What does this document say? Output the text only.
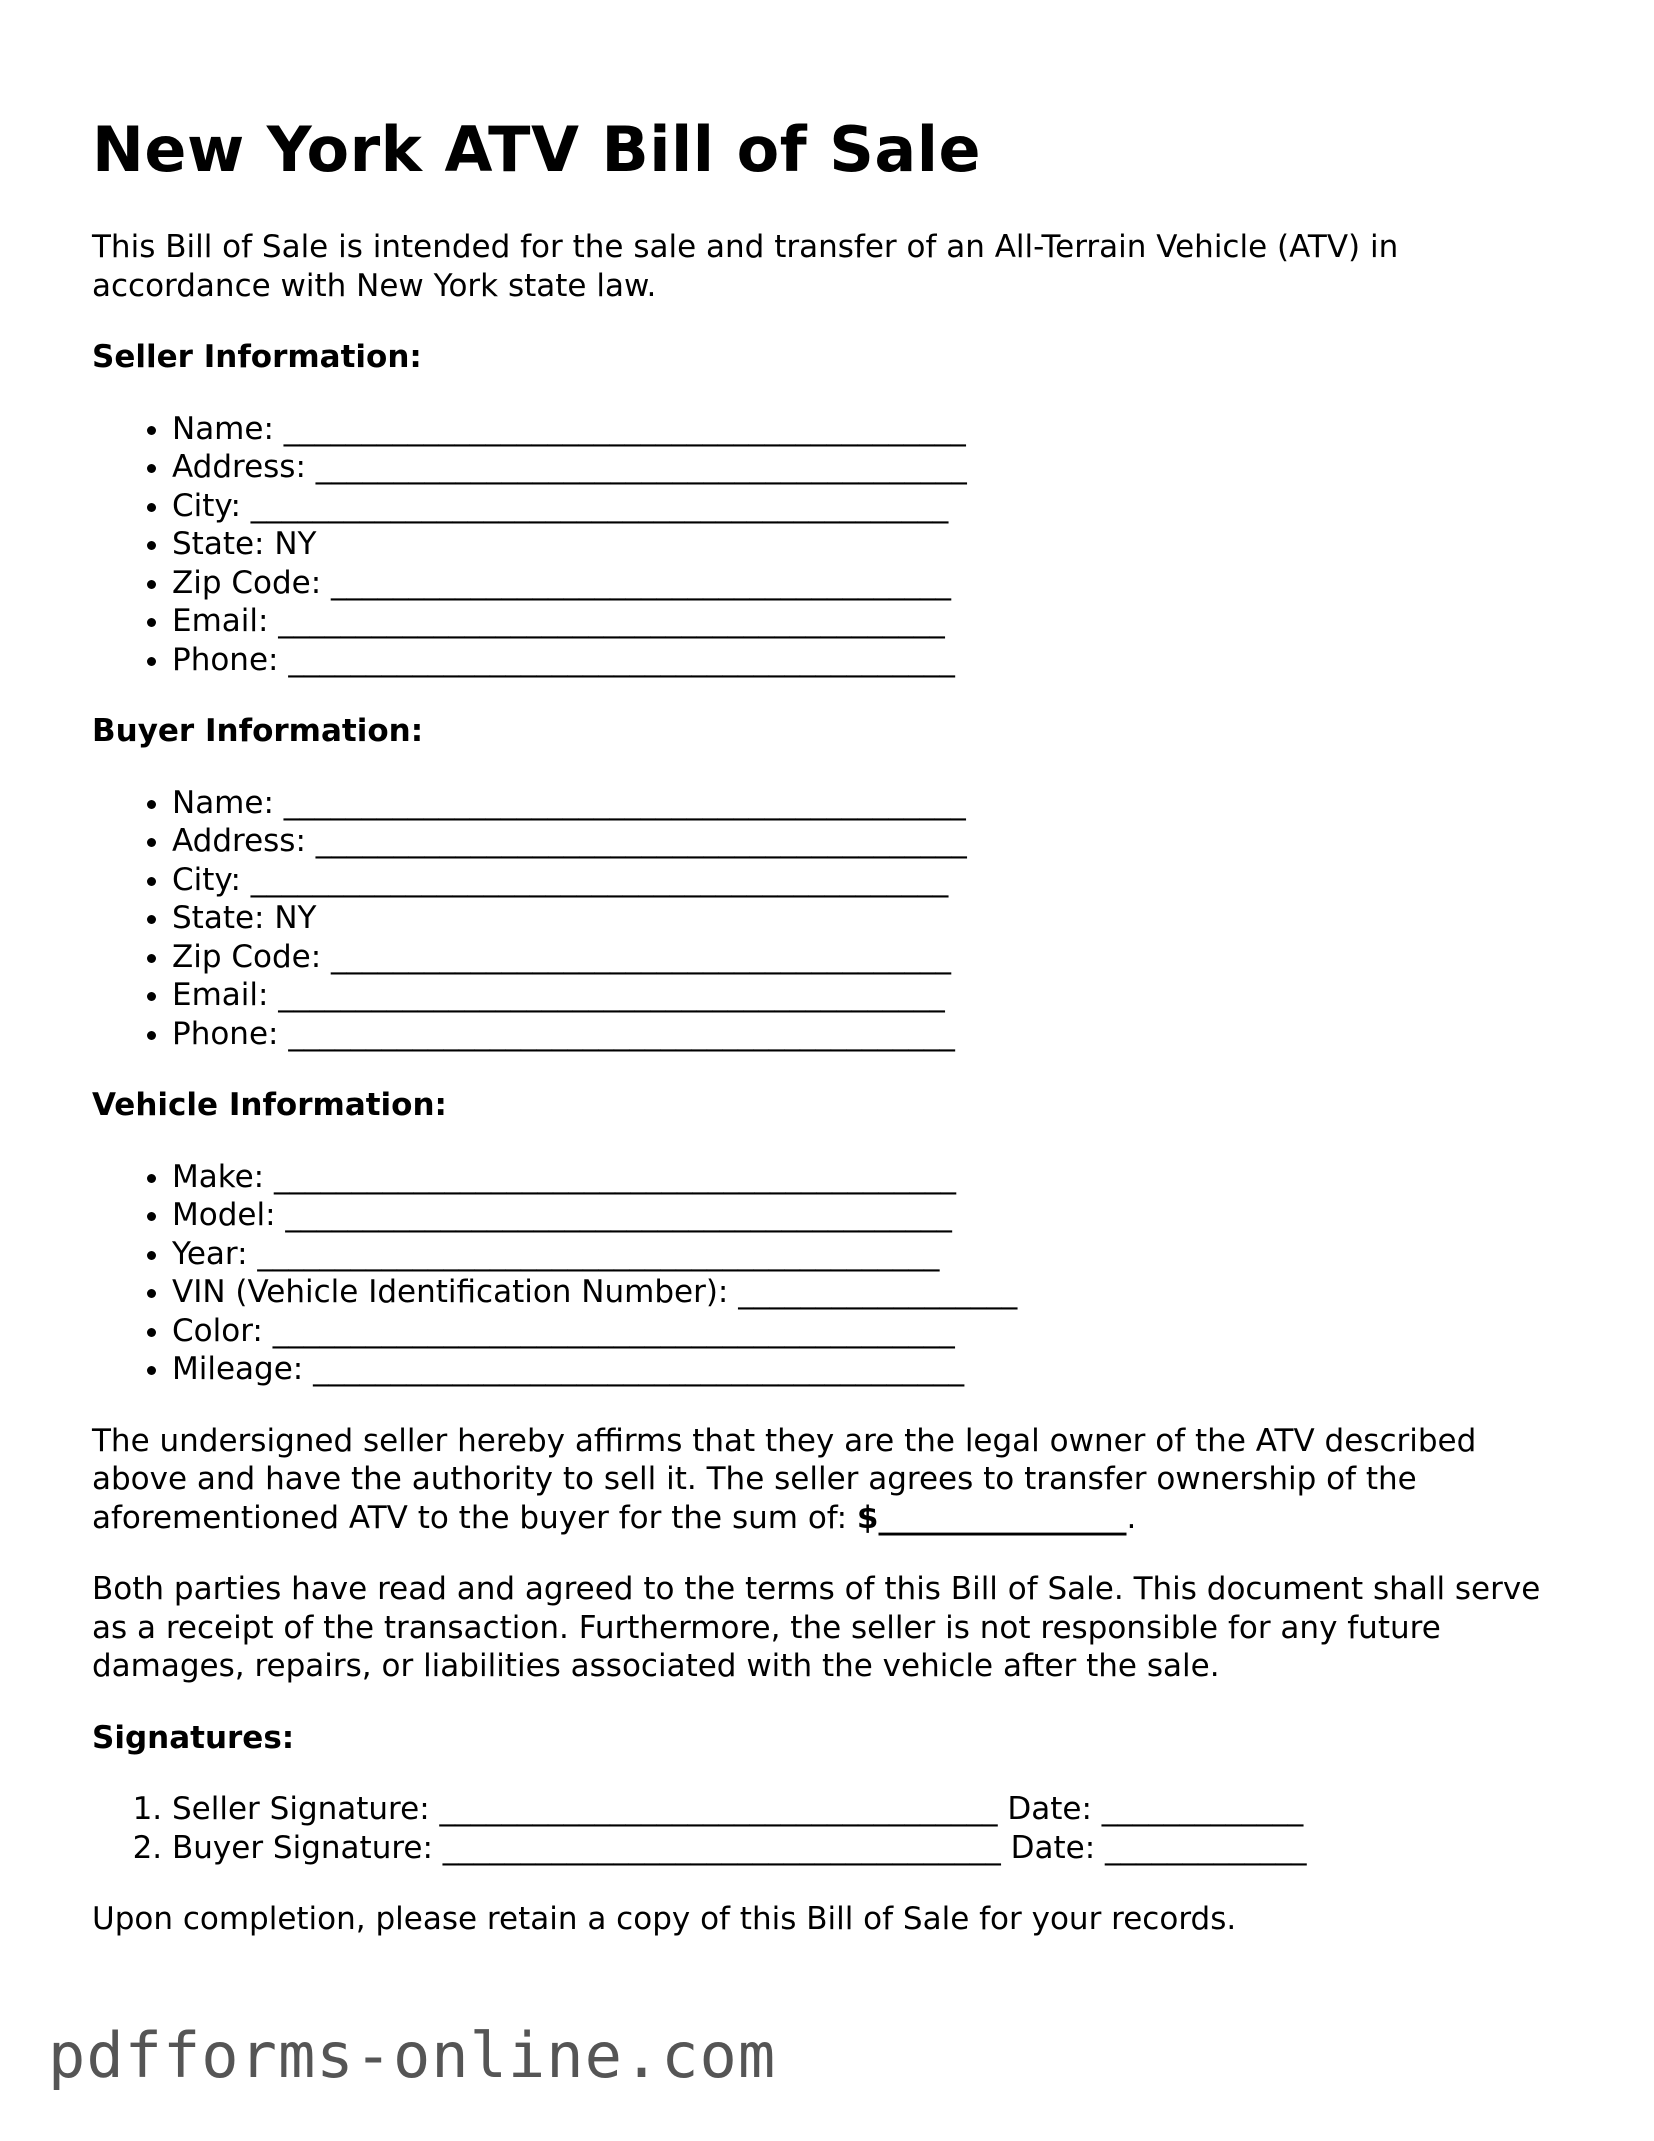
New York ATV Bill of Sale

This Bill of Sale is intended for the sale and transfer of an All-Terrain Vehicle (ATV) in accordance with New York state law.

Seller Information:
• Name: ____________________________________________
• Address: __________________________________________
• City: _____________________________________________
• State: NY
• Zip Code: ________________________________________
• Email: ___________________________________________
• Phone: ___________________________________________
Buyer Information:
• Name: ____________________________________________
• Address: __________________________________________
• City: _____________________________________________
• State: NY
• Zip Code: ________________________________________
• Email: ___________________________________________
• Phone: ___________________________________________
Vehicle Information:
• Make: ____________________________________________
• Model: ___________________________________________
• Year: ____________________________________________
• VIN (Vehicle Identification Number): __________________
• Color: ____________________________________________
• Mileage: __________________________________________

The undersigned seller hereby affirms that they are the legal owner of the ATV described above and have the authority to sell it. The seller agrees to transfer ownership of the aforementioned ATV to the buyer for the sum of: $________________.

Both parties have read and agreed to the terms of this Bill of Sale. This document shall serve as a receipt of the transaction. Furthermore, the seller is not responsible for any future damages, repairs, or liabilities associated with the vehicle after the sale.

Signatures:
1. Seller Signature: ____________________________________ Date: _____________
2. Buyer Signature: ____________________________________ Date: _____________

Upon completion, please retain a copy of this Bill of Sale for your records.

pdfforms-online.com
